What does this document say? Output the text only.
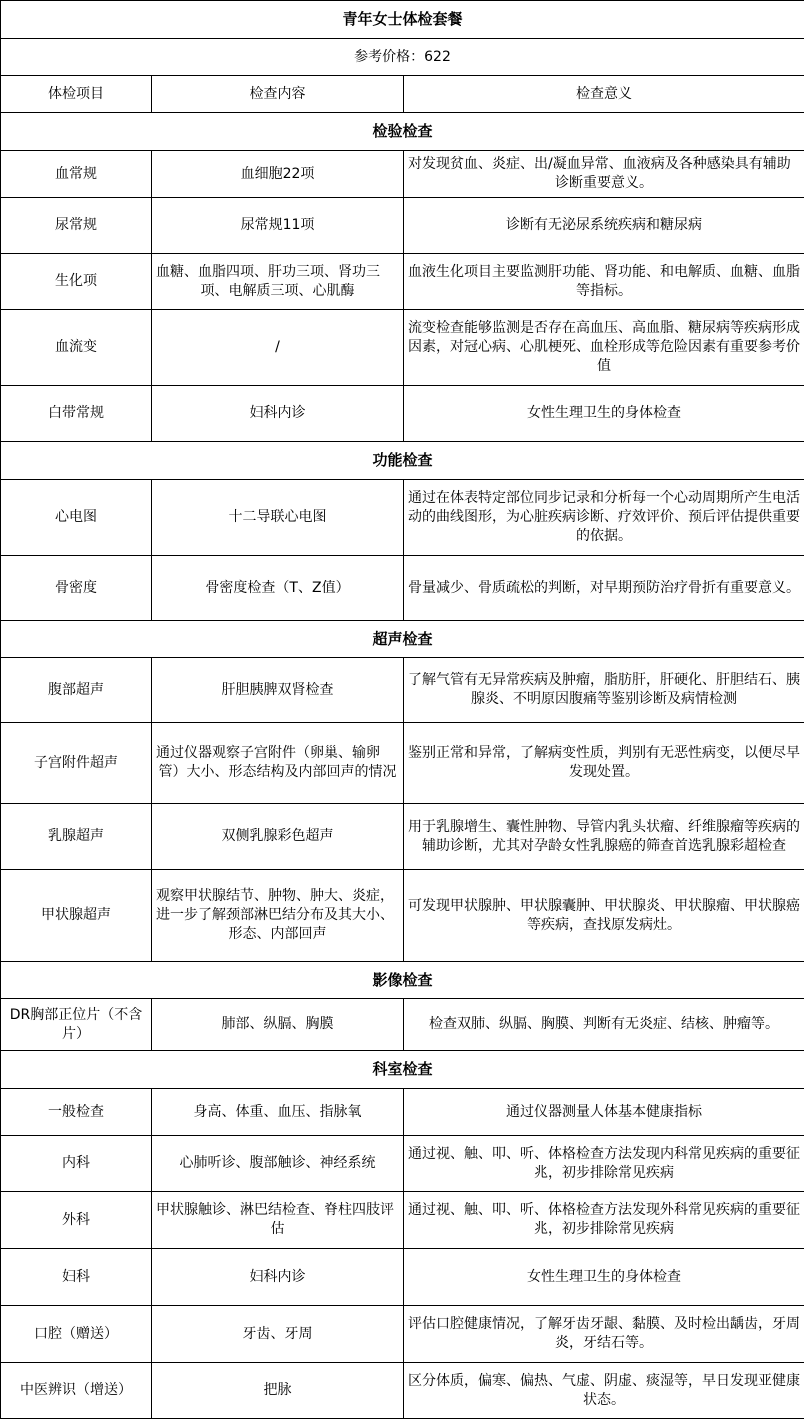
青年女士体检套餐		
参考价格：622		
体检项目	检查内容	检查意义
检验检查		
血常规	血细胞22项	对发现贫血、炎症、出/凝血异常、血液病及各种感染具有辅助诊断重要意义。
尿常规	尿常规11项	诊断有无泌尿系统疾病和糖尿病
生化项	血糖、血脂四项、肝功三项、肾功三项、电解质三项、心肌酶	血液生化项目主要监测肝功能、肾功能、和电解质、血糖、血脂等指标。
血流变	/	流变检查能够监测是否存在高血压、高血脂、糖尿病等疾病形成因素，对冠心病、心肌梗死、血栓形成等危险因素有重要参考价值
白带常规	妇科内诊	女性生理卫生的身体检查
功能检查		
心电图	十二导联心电图	通过在体表特定部位同步记录和分析每一个心动周期所产生电活动的曲线图形，为心脏疾病诊断、疗效评价、预后评估提供重要的依据。
骨密度	骨密度检查（T、Z值）	骨量减少、骨质疏松的判断，对早期预防治疗骨折有重要意义。
超声检查		
腹部超声	肝胆胰脾双肾检查	了解气管有无异常疾病及肿瘤，脂肪肝，肝硬化、肝胆结石、胰腺炎、不明原因腹痛等鉴别诊断及病情检测
子宫附件超声	通过仪器观察子宫附件（卵巢、输卵管）大小、形态结构及内部回声的情况	鉴别正常和异常，了解病变性质，判别有无恶性病变，以便尽早发现处置。
乳腺超声	双侧乳腺彩色超声	用于乳腺增生、囊性肿物、导管内乳头状瘤、纤维腺瘤等疾病的辅助诊断，尤其对孕龄女性乳腺癌的筛查首选乳腺彩超检查
甲状腺超声	观察甲状腺结节、肿物、肿大、炎症，进一步了解颈部淋巴结分布及其大小、形态、内部回声	可发现甲状腺肿、甲状腺囊肿、甲状腺炎、甲状腺瘤、甲状腺癌等疾病，查找原发病灶。
影像检查		
DR胸部正位片（不含片）	肺部、纵膈、胸膜	检查双肺、纵膈、胸膜、判断有无炎症、结核、肿瘤等。
科室检查		
一般检查	身高、体重、血压、指脉氧	通过仪器测量人体基本健康指标
内科	心肺听诊、腹部触诊、神经系统	通过视、触、叩、听、体格检查方法发现内科常见疾病的重要征兆，初步排除常见疾病
外科	甲状腺触诊、淋巴结检查、脊柱四肢评估	通过视、触、叩、听、体格检查方法发现外科常见疾病的重要征兆，初步排除常见疾病
妇科	妇科内诊	女性生理卫生的身体检查
口腔（赠送）	牙齿、牙周	评估口腔健康情况，了解牙齿牙龈、黏膜、及时检出龋齿，牙周炎，牙结石等。
中医辨识（增送）	把脉	区分体质，偏寒、偏热、气虚、阴虚、痰湿等，早日发现亚健康状态。
